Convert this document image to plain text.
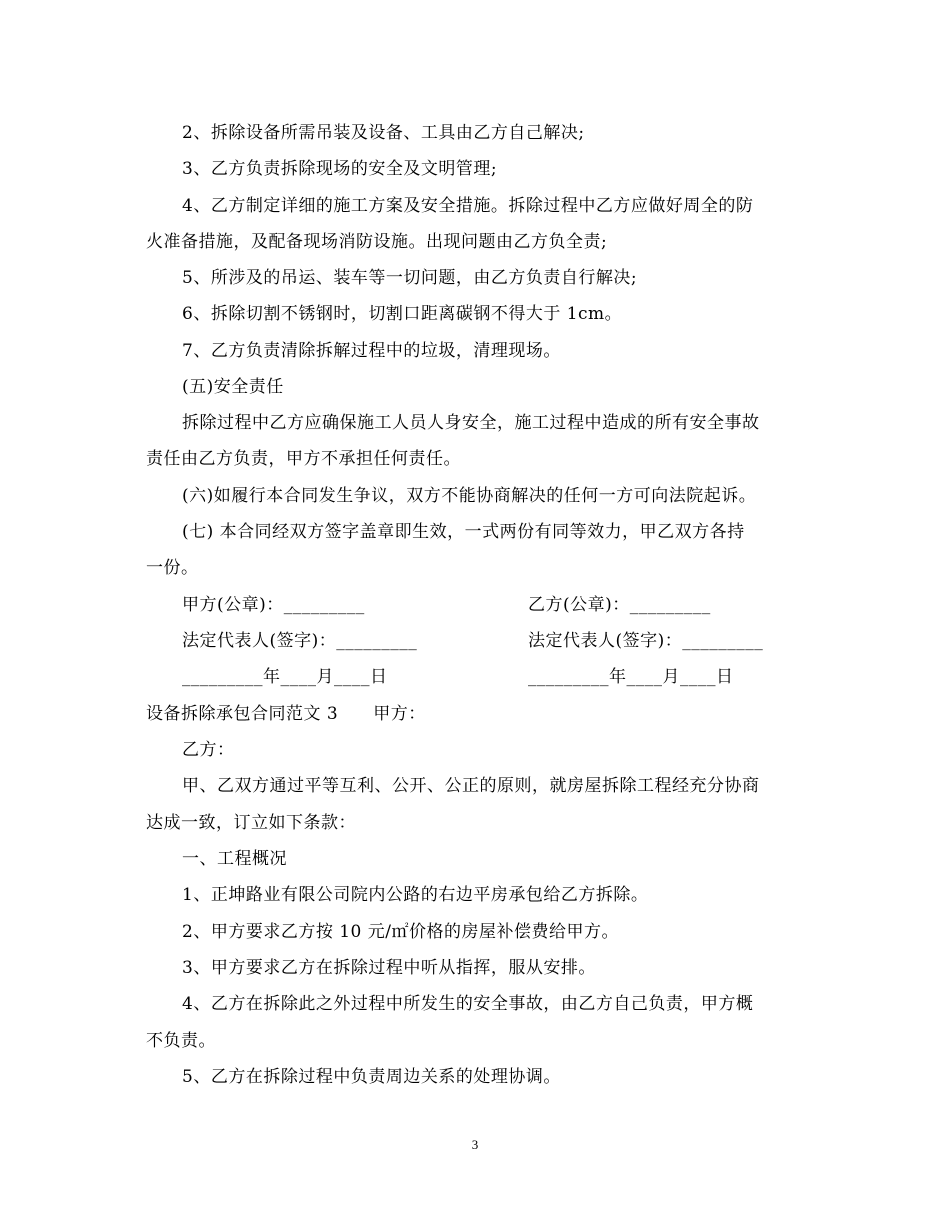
2、拆除设备所需吊装及设备、工具由乙方自己解决;
3、乙方负责拆除现场的安全及文明管理;
4、乙方制定详细的施工方案及安全措施。拆除过程中乙方应做好周全的防
火准备措施，及配备现场消防设施。出现问题由乙方负全责;
5、所涉及的吊运、装车等一切问题，由乙方负责自行解决;
6、拆除切割不锈钢时，切割口距离碳钢不得大于 1cm。
7、乙方负责清除拆解过程中的垃圾，清理现场。
(五)安全责任
拆除过程中乙方应确保施工人员人身安全，施工过程中造成的所有安全事故
责任由乙方负责，甲方不承担任何责任。
(六)如履行本合同发生争议，双方不能协商解决的任何一方可向法院起诉。
(七) 本合同经双方签字盖章即生效，一式两份有同等效力，甲乙双方各持
一份。
甲方(公章)：_________	乙方(公章)：_________
法定代表人(签字)：_________	法定代表人(签字)：_________
_________年____月____日	_________年____月____日
设备拆除承包合同范文 3　　甲方：
乙方：
甲、乙双方通过平等互利、公开、公正的原则，就房屋拆除工程经充分协商
达成一致，订立如下条款：
一、工程概况
1、正坤路业有限公司院内公路的右边平房承包给乙方拆除。
2、甲方要求乙方按 10 元/㎡价格的房屋补偿费给甲方。
3、甲方要求乙方在拆除过程中听从指挥，服从安排。
4、乙方在拆除此之外过程中所发生的安全事故，由乙方自己负责，甲方概
不负责。
5、乙方在拆除过程中负责周边关系的处理协调。
3
